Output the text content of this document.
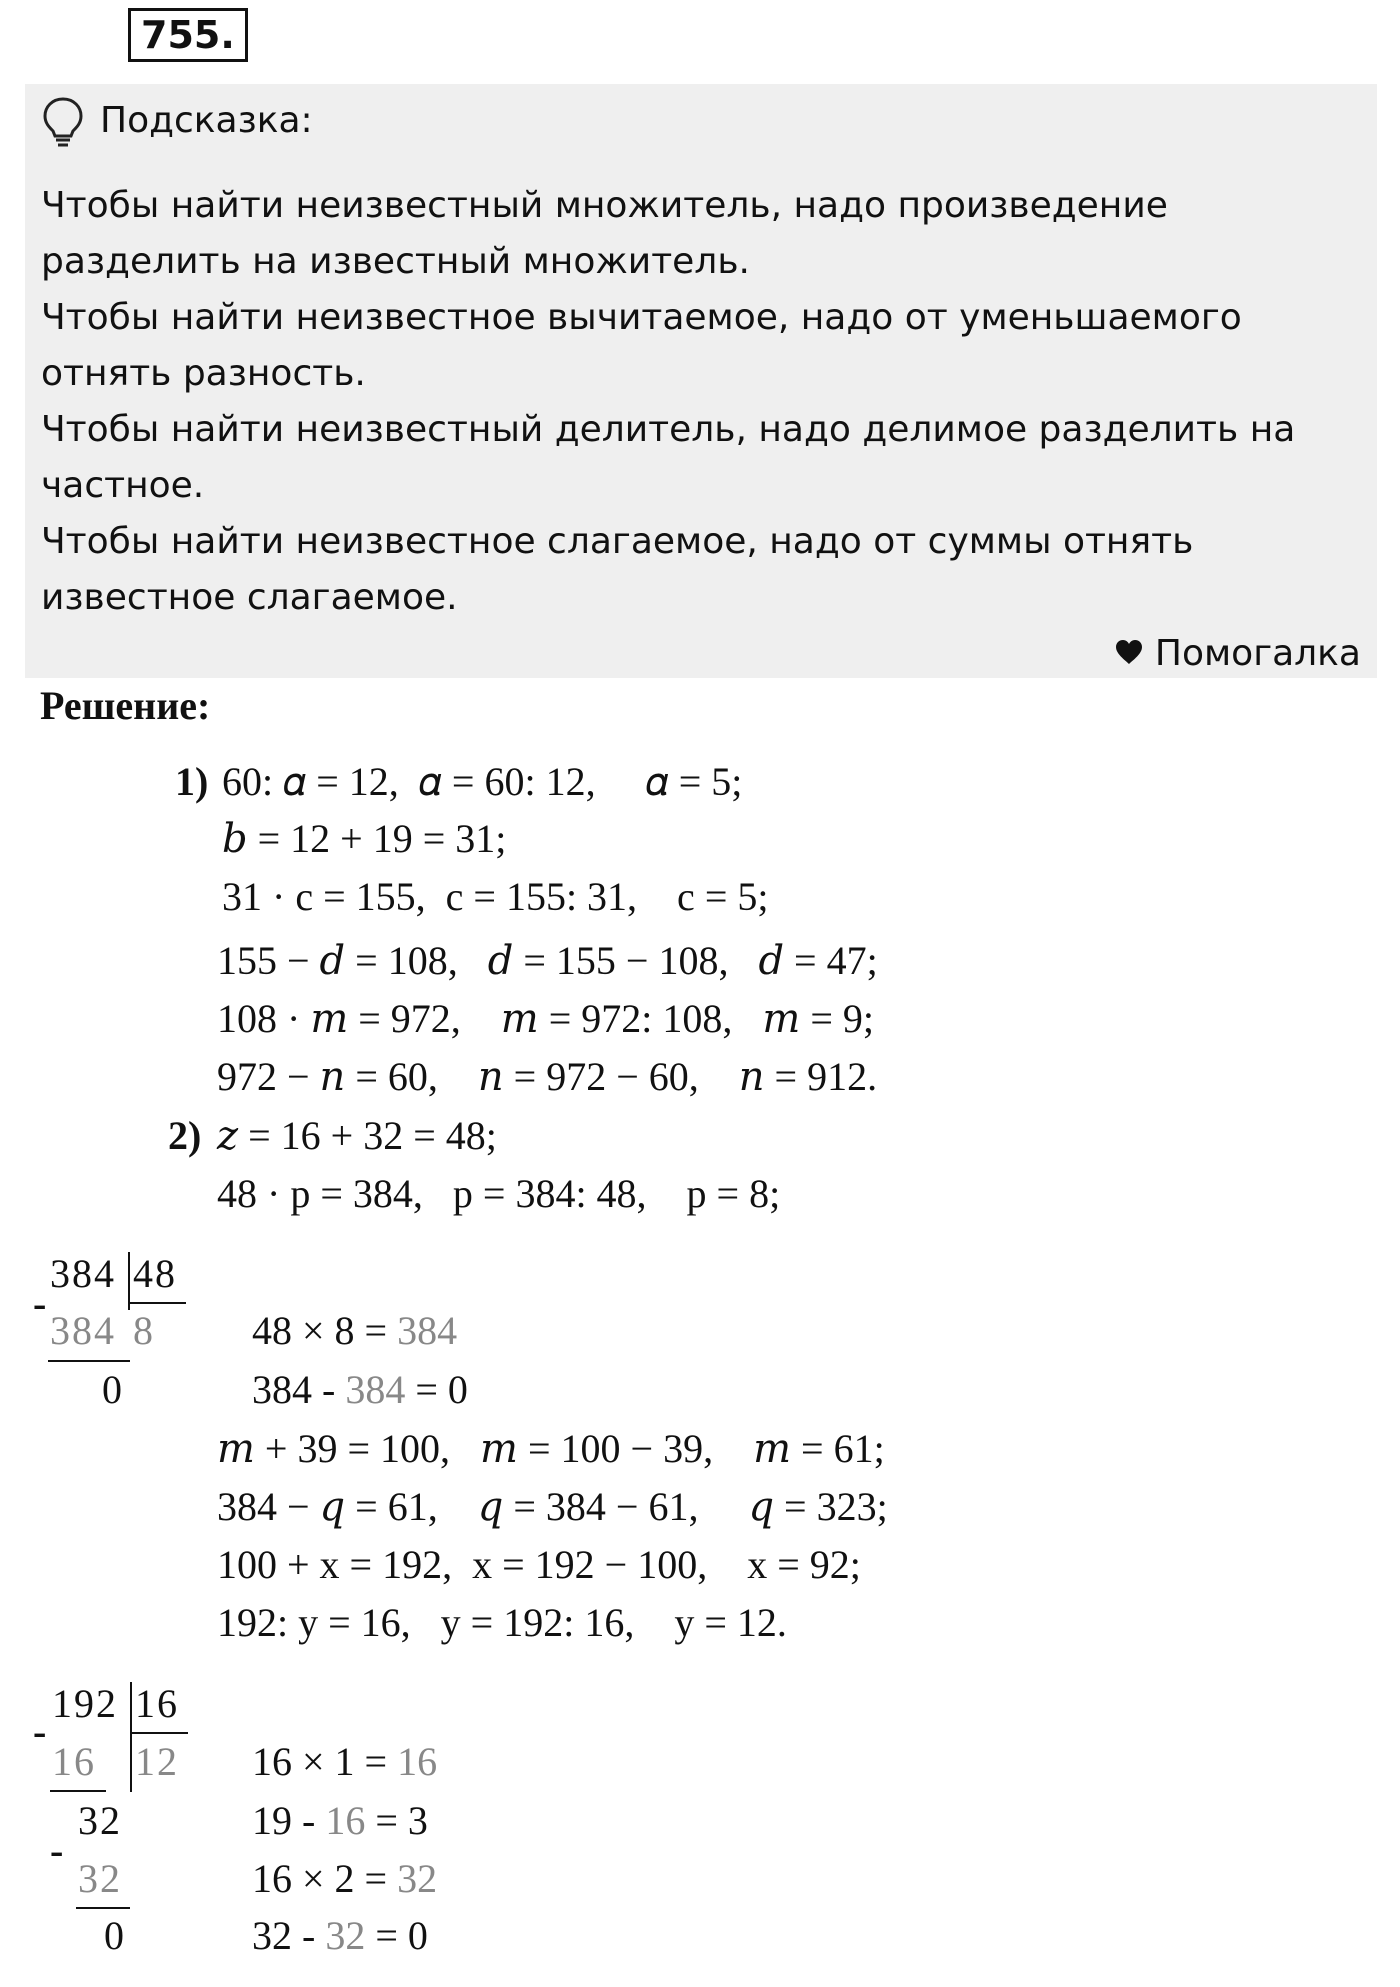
755.
Подсказка:

Чтобы найти неизвестный множитель, надо произведение разделить на известный множитель.

Чтобы найти неизвестное вычитаемое, надо от уменьшаемого отнять разность.

Чтобы найти неизвестный делитель, надо делимое разделить на частное.

Чтобы найти неизвестное слагаемое, надо от суммы отнять известное слагаемое.

Помогалка
Решение:
1) 60: 𝛼 = 12,  𝛼 = 60: 12,     𝛼 = 5;
𝑏 = 12 + 19 = 31;
31 · c = 155,  c = 155: 31,    c = 5;
155 − 𝑑 = 108,   𝑑 = 155 − 108,   𝑑 = 47;
108 · 𝑚 = 972,    𝑚 = 972: 108,   𝑚 = 9;
972 − 𝑛 = 60,    𝑛 = 972 − 60,    𝑛 = 912.
2) 𝑧 = 16 + 32 = 48;
48 · p = 384,   p = 384: 48,    p = 8;
384 48
-
384 8
0
48 × 8 = 384
384 - 384 = 0
𝑚 + 39 = 100,   𝑚 = 100 − 39,    𝑚 = 61;
384 − 𝑞 = 61,    𝑞 = 384 − 61,     𝑞 = 323;
100 + x = 192,  x = 192 − 100,    x = 92;
192: y = 16,   y = 192: 16,    y = 12.
192 16
-
16 12
32
-
32
0
16 × 1 = 16
19 - 16 = 3
16 × 2 = 32
32 - 32 = 0
